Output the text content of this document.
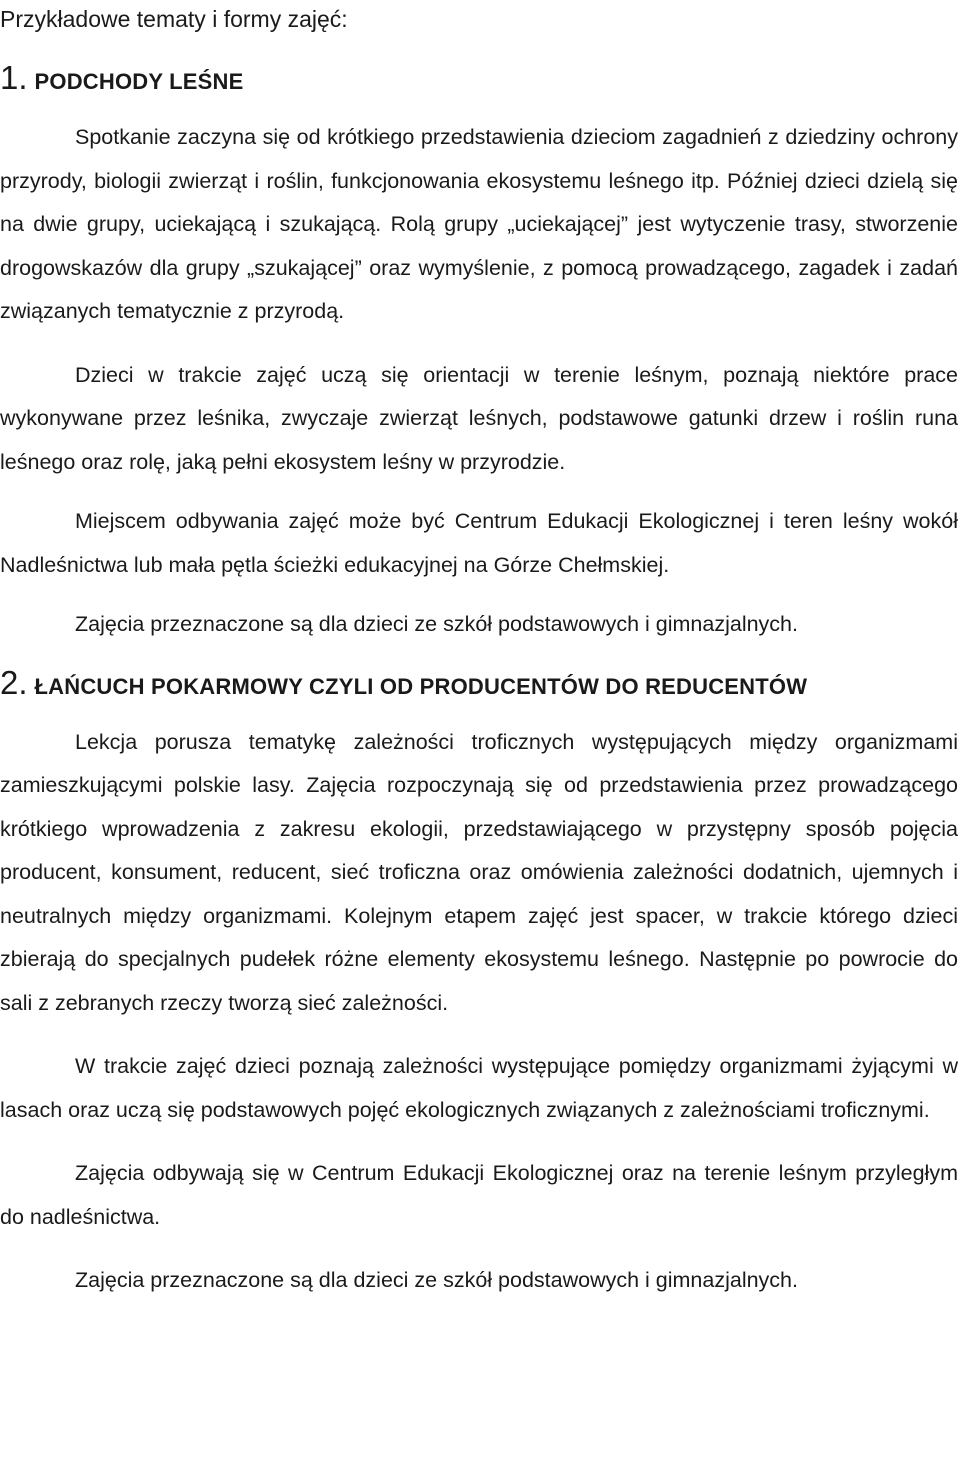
Przykładowe tematy i formy zajęć:
1. PODCHODY LEŚNE

Spotkanie zaczyna się od krótkiego przedstawienia dzieciom zagadnień z dziedziny ochrony przyrody, biologii zwierząt i roślin, funkcjonowania ekosystemu leśnego itp. Później dzieci dzielą się na dwie grupy, uciekającą i szukającą. Rolą grupy „uciekającej” jest wytyczenie trasy, stworzenie drogowskazów dla grupy „szukającej” oraz wymyślenie, z pomocą prowadzącego, zagadek i zadań związanych tematycznie z przyrodą.

Dzieci w trakcie zajęć uczą się orientacji w terenie leśnym, poznają niektóre prace wykonywane przez leśnika, zwyczaje zwierząt leśnych, podstawowe gatunki drzew i roślin runa leśnego oraz rolę, jaką pełni ekosystem leśny w przyrodzie.

Miejscem odbywania zajęć może być Centrum Edukacji Ekologicznej i teren leśny wokół Nadleśnictwa lub mała pętla ścieżki edukacyjnej na Górze Chełmskiej.

Zajęcia przeznaczone są dla dzieci ze szkół podstawowych i gimnazjalnych.

2. ŁAŃCUCH POKARMOWY CZYLI OD PRODUCENTÓW DO REDUCENTÓW

Lekcja porusza tematykę zależności troficznych występujących między organizmami zamieszkującymi polskie lasy. Zajęcia rozpoczynają się od przedstawienia przez prowadzącego krótkiego wprowadzenia z zakresu ekologii, przedstawiającego w przystępny sposób pojęcia producent, konsument, reducent, sieć troficzna oraz omówienia zależności dodatnich, ujemnych i neutralnych między organizmami. Kolejnym etapem zajęć jest spacer, w trakcie którego dzieci zbierają do specjalnych pudełek różne elementy ekosystemu leśnego. Następnie po powrocie do sali z zebranych rzeczy tworzą sieć zależności.

W trakcie zajęć dzieci poznają zależności występujące pomiędzy organizmami żyjącymi w lasach oraz uczą się podstawowych pojęć ekologicznych związanych z zależnościami troficznymi.

Zajęcia odbywają się w Centrum Edukacji Ekologicznej oraz na terenie leśnym przyległym do nadleśnictwa.

Zajęcia przeznaczone są dla dzieci ze szkół podstawowych i gimnazjalnych.
